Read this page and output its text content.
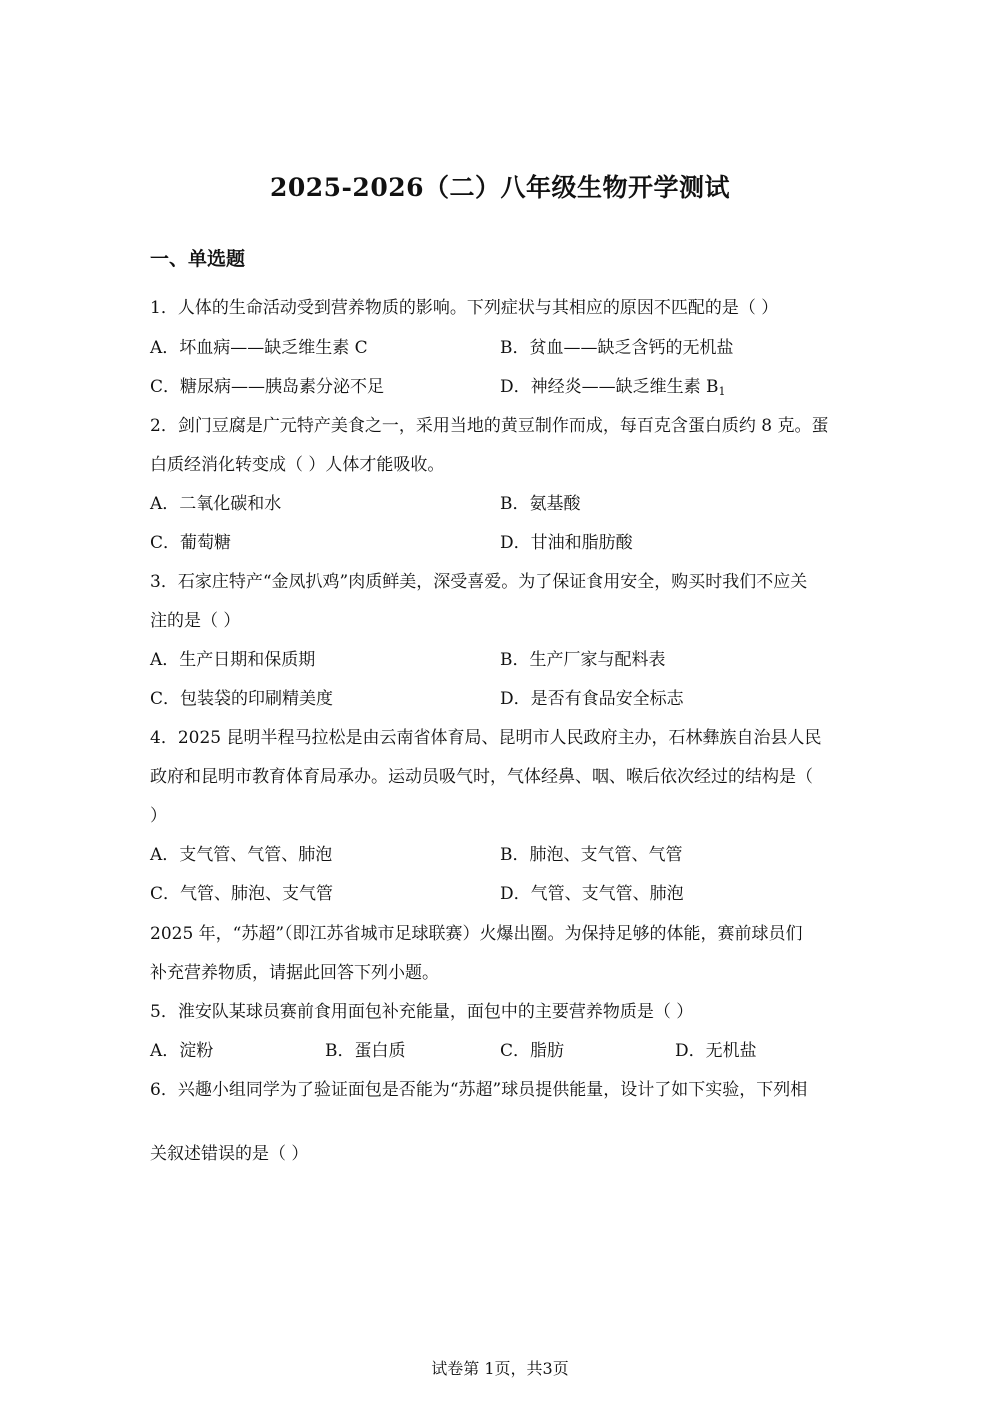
2025-2026（二）八年级生物开学测试
一、单选题
1．人体的生命活动受到营养物质的影响。下列症状与其相应的原因不匹配的是（ ）
A．坏血病——缺乏维生素 C	B．贫血——缺乏含钙的无机盐
C．糖尿病——胰岛素分泌不足	D．神经炎——缺乏维生素 $B_1$
2．剑门豆腐是广元特产美食之一，采用当地的黄豆制作而成，每百克含蛋白质约 8 克。蛋
白质经消化转变成（ ）人体才能吸收。
A．二氧化碳和水	B．氨基酸
C．葡萄糖	D．甘油和脂肪酸
3．石家庄特产“金凤扒鸡”肉质鲜美，深受喜爱。为了保证食用安全，购买时我们不应关
注的是（ ）
A．生产日期和保质期	B．生产厂家与配料表
C．包装袋的印刷精美度	D．是否有食品安全标志
4．2025 昆明半程马拉松是由云南省体育局、昆明市人民政府主办，石林彝族自治县人民
政府和昆明市教育体育局承办。运动员吸气时，气体经鼻、咽、喉后依次经过的结构是（
）
A．支气管、气管、肺泡	B．肺泡、支气管、气管
C．气管、肺泡、支气管	D．气管、支气管、肺泡
2025 年，“苏超”（即江苏省城市足球联赛）火爆出圈。为保持足够的体能，赛前球员们
补充营养物质，请据此回答下列小题。
5．淮安队某球员赛前食用面包补充能量，面包中的主要营养物质是（ ）
A．淀粉	B．蛋白质	C．脂肪	D．无机盐
6．兴趣小组同学为了验证面包是否能为“苏超”球员提供能量，设计了如下实验，下列相
关叙述错误的是（ ）
试卷第 1页，共3页
